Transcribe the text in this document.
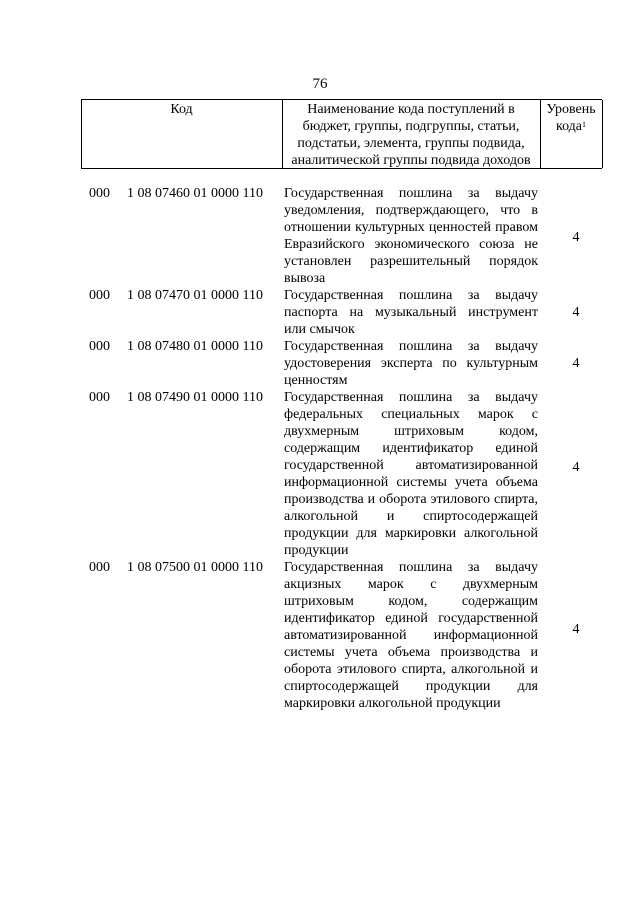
76
Код	Наименование кода поступлений в
бюджет, группы, подгруппы, статьи,
подстатьи, элемента, группы подвида,
аналитической группы подвида доходов
Уровень
кода$^1$
000 1 08 07460 01 0000 110 Государственная пошлина за выдачу уведомления, подтверждающего, что в отношении культурных ценностей правом Евразийского экономического союза не установлен разрешительный порядок вывоза
4
000 1 08 07470 01 0000 110 Государственная пошлина за выдачу паспорта на музыкальный инструмент или смычок
4
000 1 08 07480 01 0000 110 Государственная пошлина за выдачу удостоверения эксперта по культурным ценностям
4
000 1 08 07490 01 0000 110 Государственная пошлина за выдачу федеральных специальных марок с двухмерным штриховым кодом, содержащим идентификатор единой государственной автоматизированной информационной системы учета объема производства и оборота этилового спирта, алкогольной и спиртосодержащей продукции для маркировки алкогольной продукции
4
000 1 08 07500 01 0000 110 Государственная пошлина за выдачу акцизных марок с двухмерным штриховым кодом, содержащим идентификатор единой государственной автоматизированной информационной системы учета объема производства и оборота этилового спирта, алкогольной и спиртосодержащей продукции для маркировки алкогольной продукции
4
